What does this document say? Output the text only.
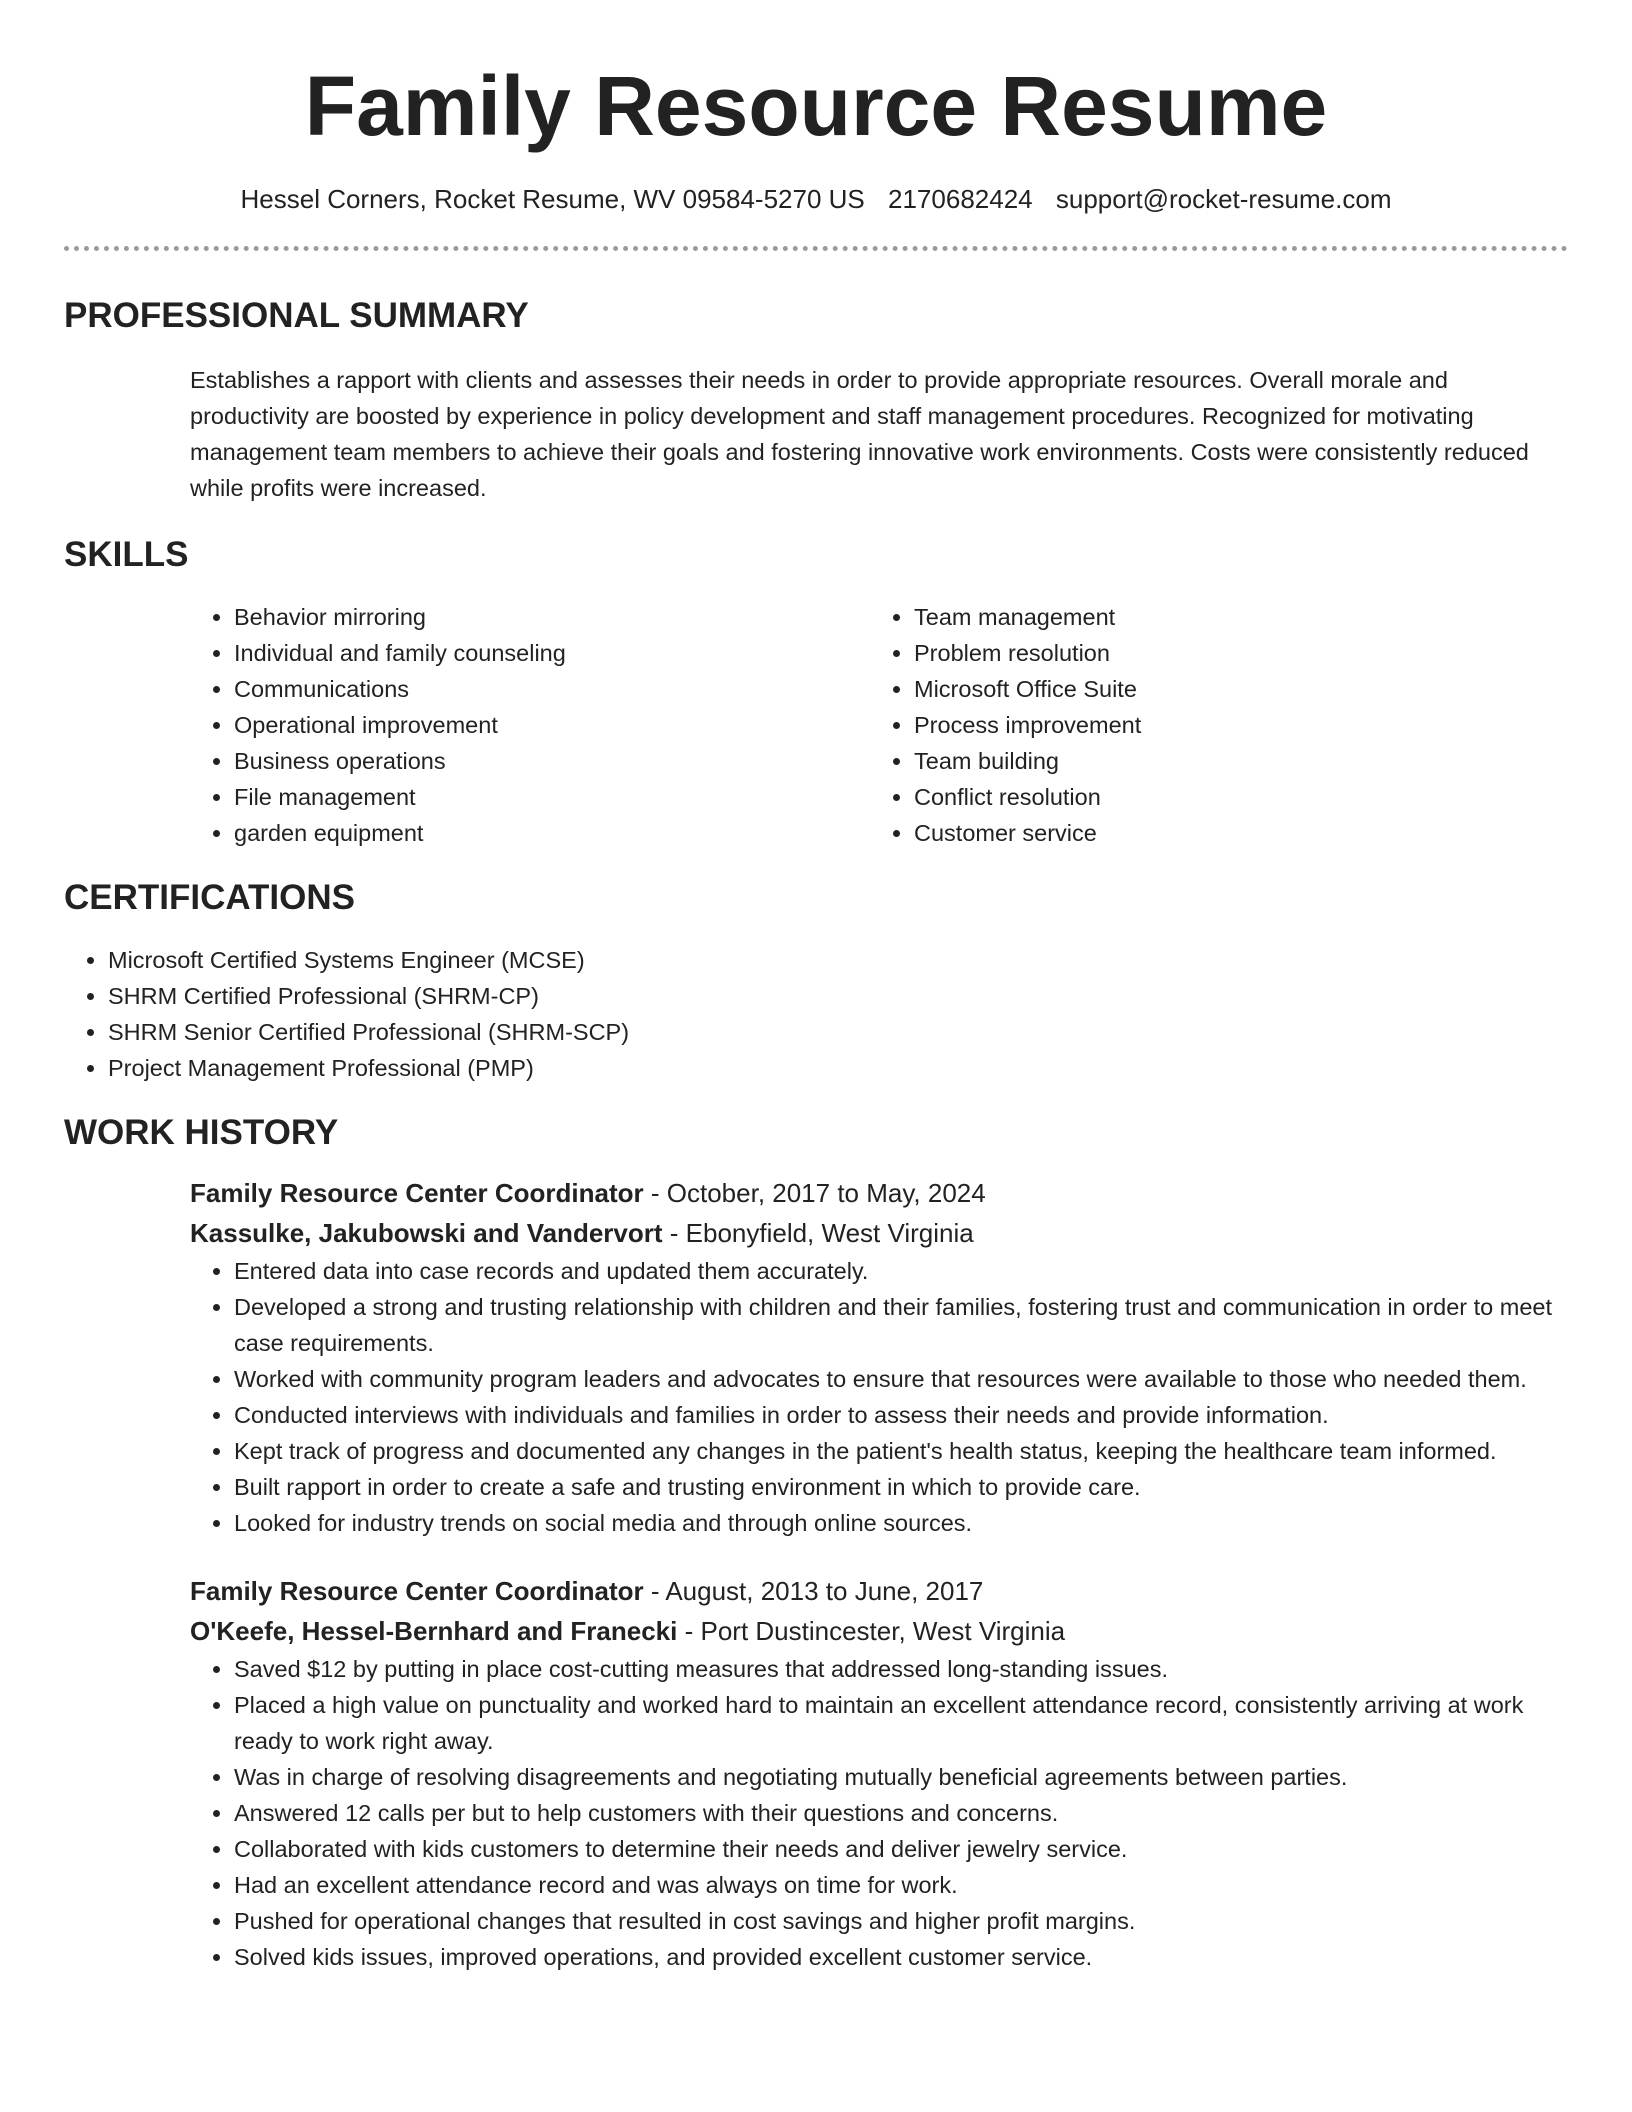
Family Resource Resume
Hessel Corners, Rocket Resume, WV 09584-5270 US 2170682424 support@rocket-resume.com
PROFESSIONAL SUMMARY
Establishes a rapport with clients and assesses their needs in order to provide appropriate resources. Overall morale and productivity are boosted by experience in policy development and staff management procedures. Recognized for motivating management team members to achieve their goals and fostering innovative work environments. Costs were consistently reduced while profits were increased.
SKILLS
• Behavior mirroring
• Individual and family counseling
• Communications
• Operational improvement
• Business operations
• File management
• garden equipment
• Team management
• Problem resolution
• Microsoft Office Suite
• Process improvement
• Team building
• Conflict resolution
• Customer service
CERTIFICATIONS
• Microsoft Certified Systems Engineer (MCSE)
• SHRM Certified Professional (SHRM-CP)
• SHRM Senior Certified Professional (SHRM-SCP)
• Project Management Professional (PMP)
WORK HISTORY
Family Resource Center Coordinator - October, 2017 to May, 2024
Kassulke, Jakubowski and Vandervort - Ebonyfield, West Virginia
• Entered data into case records and updated them accurately.
• Developed a strong and trusting relationship with children and their families, fostering trust and communication in order to meet case requirements.
• Worked with community program leaders and advocates to ensure that resources were available to those who needed them.
• Conducted interviews with individuals and families in order to assess their needs and provide information.
• Kept track of progress and documented any changes in the patient's health status, keeping the healthcare team informed.
• Built rapport in order to create a safe and trusting environment in which to provide care.
• Looked for industry trends on social media and through online sources.
Family Resource Center Coordinator - August, 2013 to June, 2017
O'Keefe, Hessel-Bernhard and Franecki - Port Dustincester, West Virginia
• Saved $12 by putting in place cost-cutting measures that addressed long-standing issues.
• Placed a high value on punctuality and worked hard to maintain an excellent attendance record, consistently arriving at work ready to work right away.
• Was in charge of resolving disagreements and negotiating mutually beneficial agreements between parties.
• Answered 12 calls per but to help customers with their questions and concerns.
• Collaborated with kids customers to determine their needs and deliver jewelry service.
• Had an excellent attendance record and was always on time for work.
• Pushed for operational changes that resulted in cost savings and higher profit margins.
• Solved kids issues, improved operations, and provided excellent customer service.
